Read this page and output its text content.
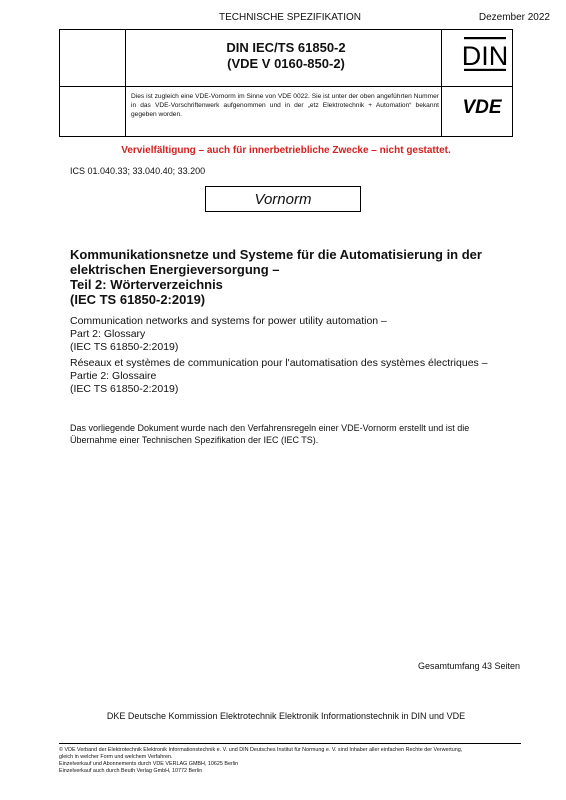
TECHNISCHE SPEZIFIKATION	Dezember 2022
DIN IEC/TS 61850-2
(VDE V 0160-850-2)	DIN
Dies ist zugleich eine VDE-Vornorm im Sinne von VDE 0022. Sie ist unter der oben angeführten Nummer in das VDE-Vorschriftenwerk aufgenommen und in der „etz Elektrotechnik + Automation“ bekannt gegeben worden.	VDE
Vervielfältigung – auch für innerbetriebliche Zwecke – nicht gestattet.
ICS 01.040.33; 33.040.40; 33.200
Vornorm
Kommunikationsnetze und Systeme für die Automatisierung in der
elektrischen Energieversorgung –
Teil 2: Wörterverzeichnis
(IEC TS 61850-2:2019)
Communication networks and systems for power utility automation –
Part 2: Glossary
(IEC TS 61850-2:2019)
Réseaux et systèmes de communication pour l'automatisation des systèmes électriques –
Partie 2: Glossaire
(IEC TS 61850-2:2019)
Das vorliegende Dokument wurde nach den Verfahrensregeln einer VDE-Vornorm erstellt und ist die Übernahme einer Technischen Spezifikation der IEC (IEC TS).
Gesamtumfang 43 Seiten
DKE Deutsche Kommission Elektrotechnik Elektronik Informationstechnik in DIN und VDE
© VDE Verband der Elektrotechnik Elektronik Informationstechnik e. V. und DIN Deutsches Institut für Normung e. V. sind Inhaber aller einfachen Rechte der Verwertung,
gleich in welcher Form und welchem Verfahren.
Einzelverkauf und Abonnements durch VDE VERLAG GMBH, 10625 Berlin
Einzelverkauf auch durch Beuth Verlag GmbH, 10772 Berlin
